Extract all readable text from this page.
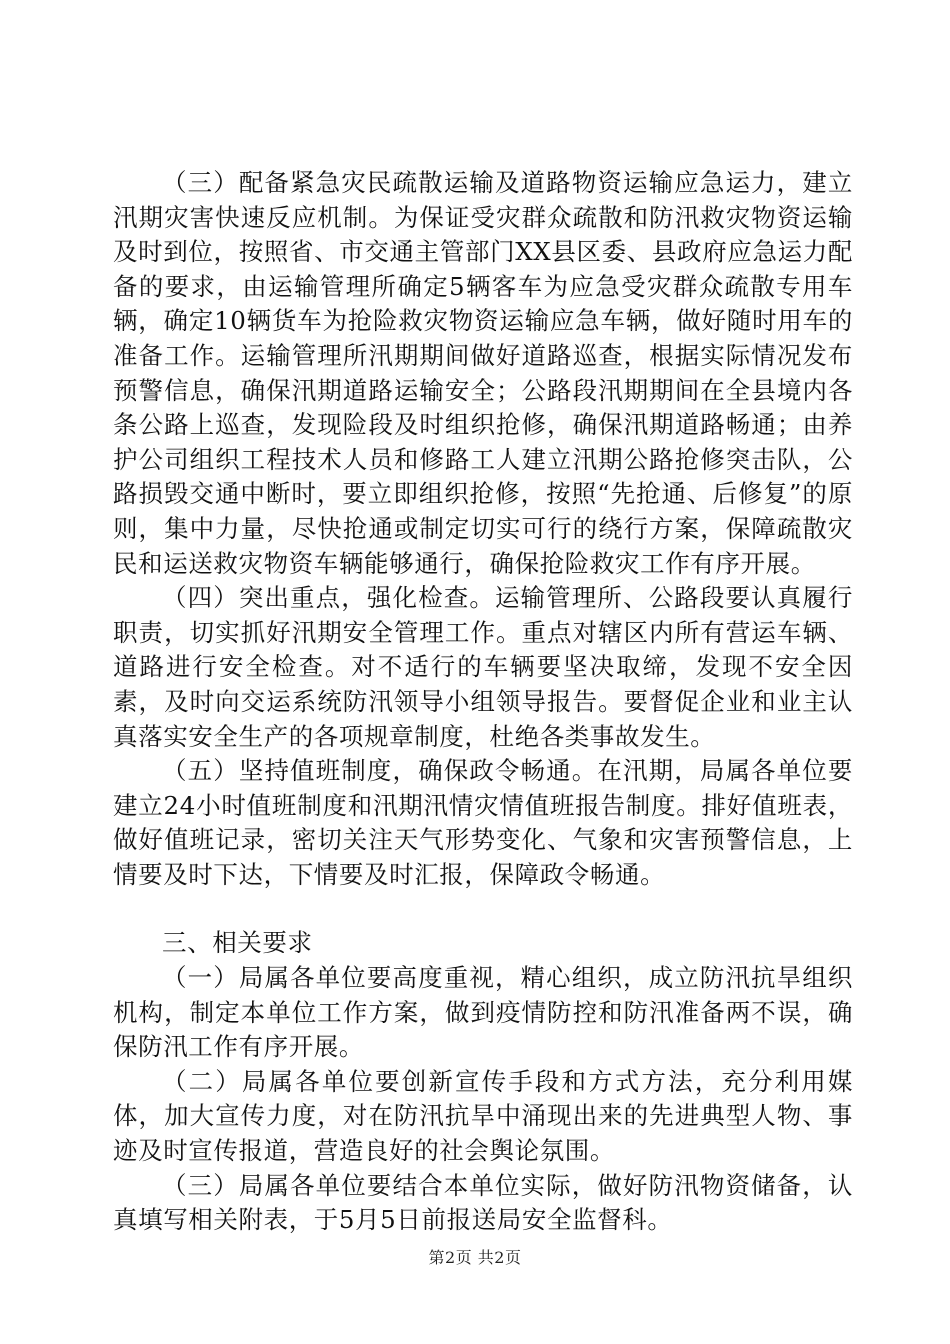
（三）配备紧急灾民疏散运输及道路物资运输应急运力，建立汛期灾害快速反应机制。为保证受灾群众疏散和防汛救灾物资运输及时到位，按照省、市交通主管部门XX县区委、县政府应急运力配备的要求，由运输管理所确定5辆客车为应急受灾群众疏散专用车辆，确定10辆货车为抢险救灾物资运输应急车辆，做好随时用车的准备工作。运输管理所汛期期间做好道路巡查，根据实际情况发布预警信息，确保汛期道路运输安全；公路段汛期期间在全县境内各条公路上巡查，发现险段及时组织抢修，确保汛期道路畅通；由养护公司组织工程技术人员和修路工人建立汛期公路抢修突击队，公路损毁交通中断时，要立即组织抢修，按照“先抢通、后修复”的原则，集中力量，尽快抢通或制定切实可行的绕行方案，保障疏散灾民和运送救灾物资车辆能够通行，确保抢险救灾工作有序开展。

（四）突出重点，强化检查。运输管理所、公路段要认真履行职责，切实抓好汛期安全管理工作。重点对辖区内所有营运车辆、道路进行安全检查。对不适行的车辆要坚决取缔，发现不安全因素，及时向交运系统防汛领导小组领导报告。要督促企业和业主认真落实安全生产的各项规章制度，杜绝各类事故发生。

（五）坚持值班制度，确保政令畅通。在汛期，局属各单位要建立24小时值班制度和汛期汛情灾情值班报告制度。排好值班表，做好值班记录，密切关注天气形势变化、气象和灾害预警信息，上情要及时下达，下情要及时汇报，保障政令畅通。

三、相关要求

（一）局属各单位要高度重视，精心组织，成立防汛抗旱组织机构，制定本单位工作方案，做到疫情防控和防汛准备两不误，确保防汛工作有序开展。

（二）局属各单位要创新宣传手段和方式方法，充分利用媒体，加大宣传力度，对在防汛抗旱中涌现出来的先进典型人物、事迹及时宣传报道，营造良好的社会舆论氛围。

（三）局属各单位要结合本单位实际，做好防汛物资储备，认真填写相关附表，于5月5日前报送局安全监督科。

第2页 共2页
